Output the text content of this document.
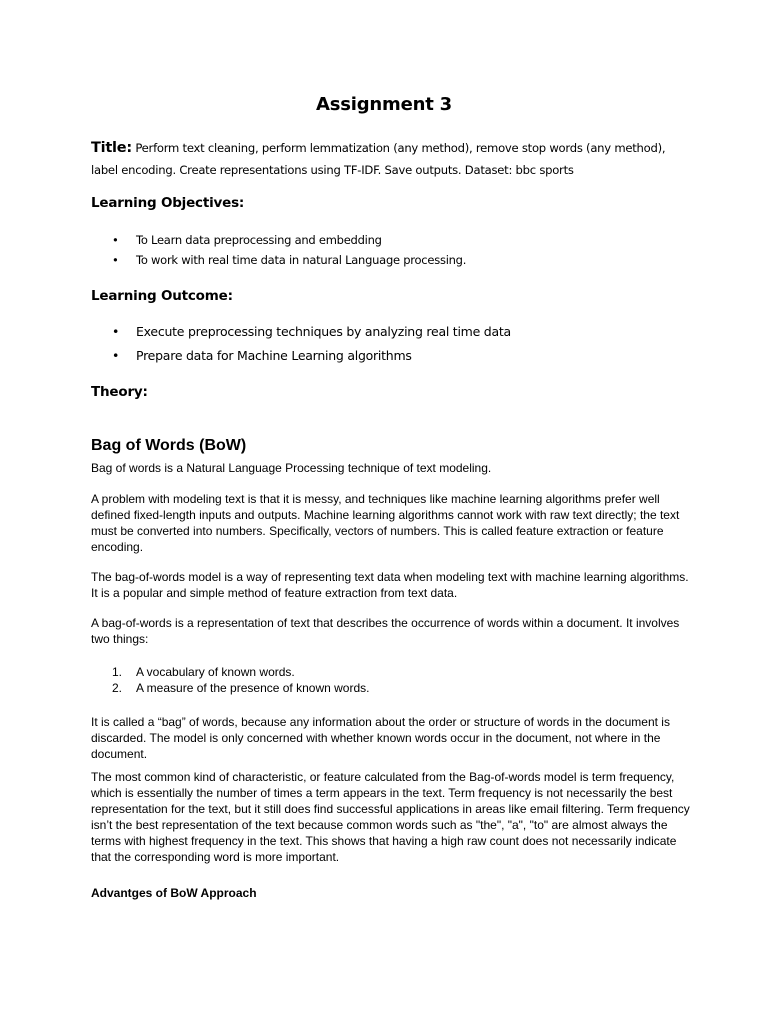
Assignment 3
Title: Perform text cleaning, perform lemmatization (any method), remove stop words (any method),
label encoding. Create representations using TF-IDF. Save outputs. Dataset: bbc sports
Learning Objectives:
• To Learn data preprocessing and embedding
• To work with real time data in natural Language processing.
Learning Outcome:
• Execute preprocessing techniques by analyzing real time data
• Prepare data for Machine Learning algorithms
Theory:
Bag of Words (BoW)

Bag of words is a Natural Language Processing technique of text modeling.

A problem with modeling text is that it is messy, and techniques like machine learning algorithms prefer well defined fixed-length inputs and outputs. Machine learning algorithms cannot work with raw text directly; the text must be converted into numbers. Specifically, vectors of numbers. This is called feature extraction or feature encoding.

The bag-of-words model is a way of representing text data when modeling text with machine learning algorithms. It is a popular and simple method of feature extraction from text data.

A bag-of-words is a representation of text that describes the occurrence of words within a document. It involves two things:

1. A vocabulary of known words.
2. A measure of the presence of known words.

It is called a “bag” of words, because any information about the order or structure of words in the document is discarded. The model is only concerned with whether known words occur in the document, not where in the document.

The most common kind of characteristic, or feature calculated from the Bag-of-words model is term frequency, which is essentially the number of times a term appears in the text. Term frequency is not necessarily the best representation for the text, but it still does find successful applications in areas like email filtering. Term frequency isn’t the best representation of the text because common words such as "the", "a", "to" are almost always the terms with highest frequency in the text. This shows that having a high raw count does not necessarily indicate that the corresponding word is more important.

Advantges of BoW Approach
